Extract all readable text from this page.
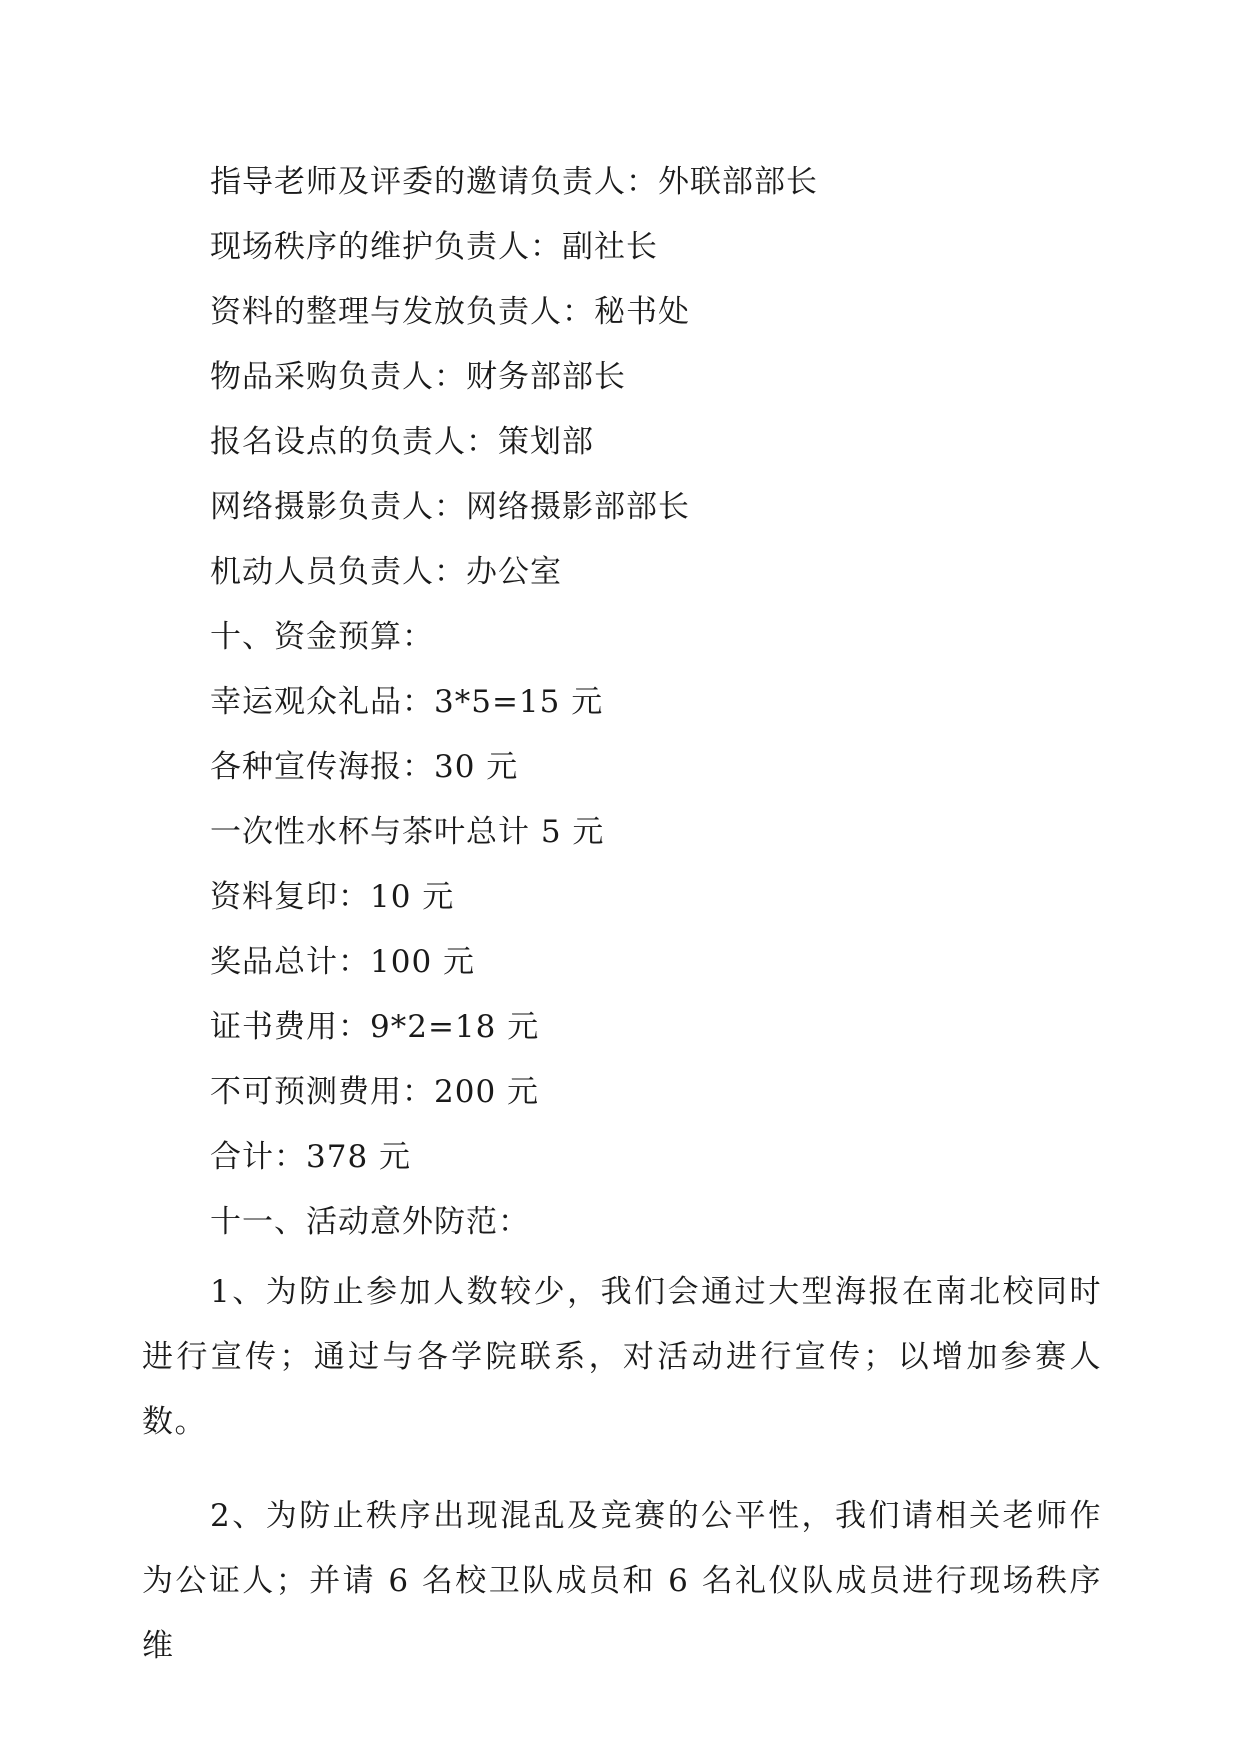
指导老师及评委的邀请负责人：外联部部长
现场秩序的维护负责人：副社长
资料的整理与发放负责人：秘书处
物品采购负责人：财务部部长
报名设点的负责人：策划部
网络摄影负责人：网络摄影部部长
机动人员负责人：办公室
十、资金预算：
幸运观众礼品：3*5=15 元
各种宣传海报：30 元
一次性水杯与茶叶总计 5 元
资料复印：10 元
奖品总计：100 元
证书费用：9*2=18 元
不可预测费用：200 元
合计：378 元
十一、活动意外防范：
1、为防止参加人数较少，我们会通过大型海报在南北校同时进行宣传；通过与各学院联系，对活动进行宣传；以增加参赛人数。
2、为防止秩序出现混乱及竞赛的公平性，我们请相关老师作为公证人；并请 6 名校卫队成员和 6 名礼仪队成员进行现场秩序维
